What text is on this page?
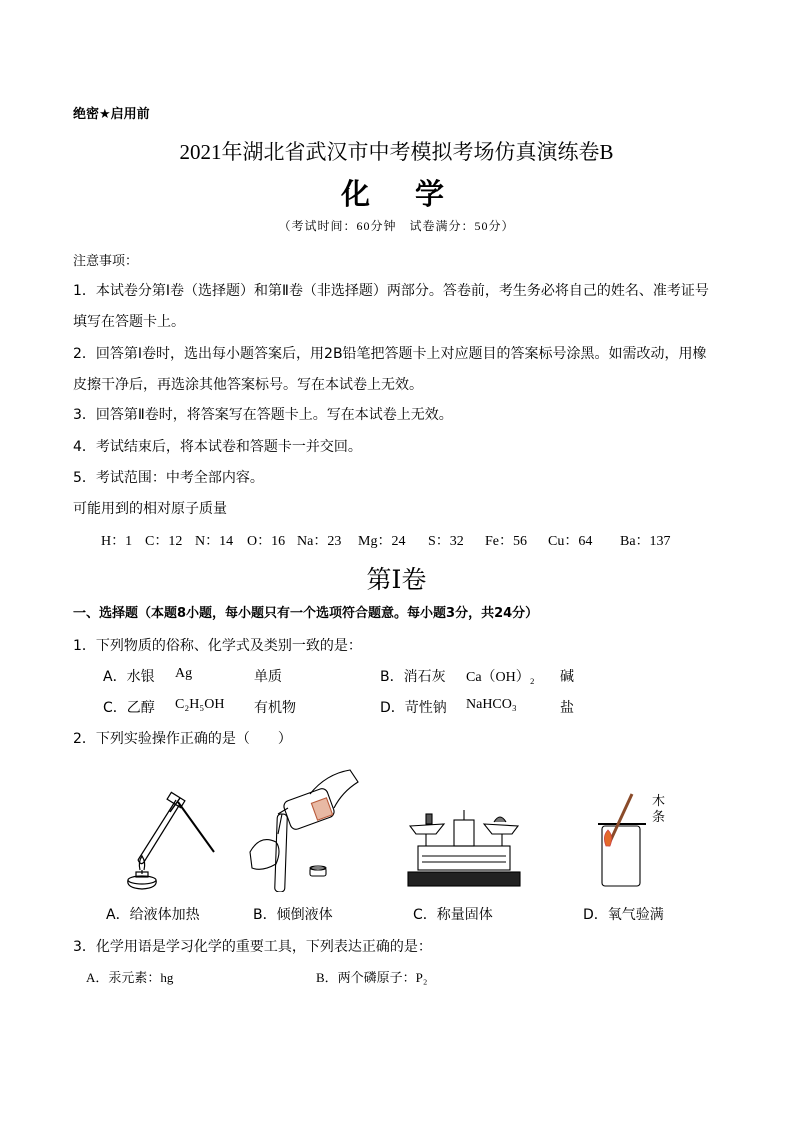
绝密★启用前
2021年湖北省武汉市中考模拟考场仿真演练卷B
化　学
（考试时间：60分钟　试卷满分：50分）
注意事项：
1．本试卷分第Ⅰ卷（选择题）和第Ⅱ卷（非选择题）两部分。答卷前，考生务必将自己的姓名、准考证号
填写在答题卡上。
2．回答第Ⅰ卷时，选出每小题答案后，用2B铅笔把答题卡上对应题目的答案标号涂黑。如需改动，用橡
皮擦干净后，再选涂其他答案标号。写在本试卷上无效。
3．回答第Ⅱ卷时，将答案写在答题卡上。写在本试卷上无效。
4．考试结束后，将本试卷和答题卡一并交回。
5．考试范围：中考全部内容。
可能用到的相对原子质量
H：1 C：12 N：14 O：16 Na：23 Mg：24 S：32 Fe：56 Cu：64 Ba：137
第Ⅰ卷
一、选择题（本题8小题，每小题只有一个选项符合题意。每小题3分，共24分）
1．下列物质的俗称、化学式及类别一致的是：
A．水银 Ag	单质	B．消石灰 Ca（OH）₂ 碱
C．乙醇 C₂H₅OH 有机物	D．苛性钠 NaHCO₃	盐
2．下列实验操作正确的是（　　）
木
条
A．给液体加热	B．倾倒液体	C．称量固体	D．氧气验满
3．化学用语是学习化学的重要工具，下列表达正确的是：
A．汞元素：hg	B．两个磷原子：P₂
